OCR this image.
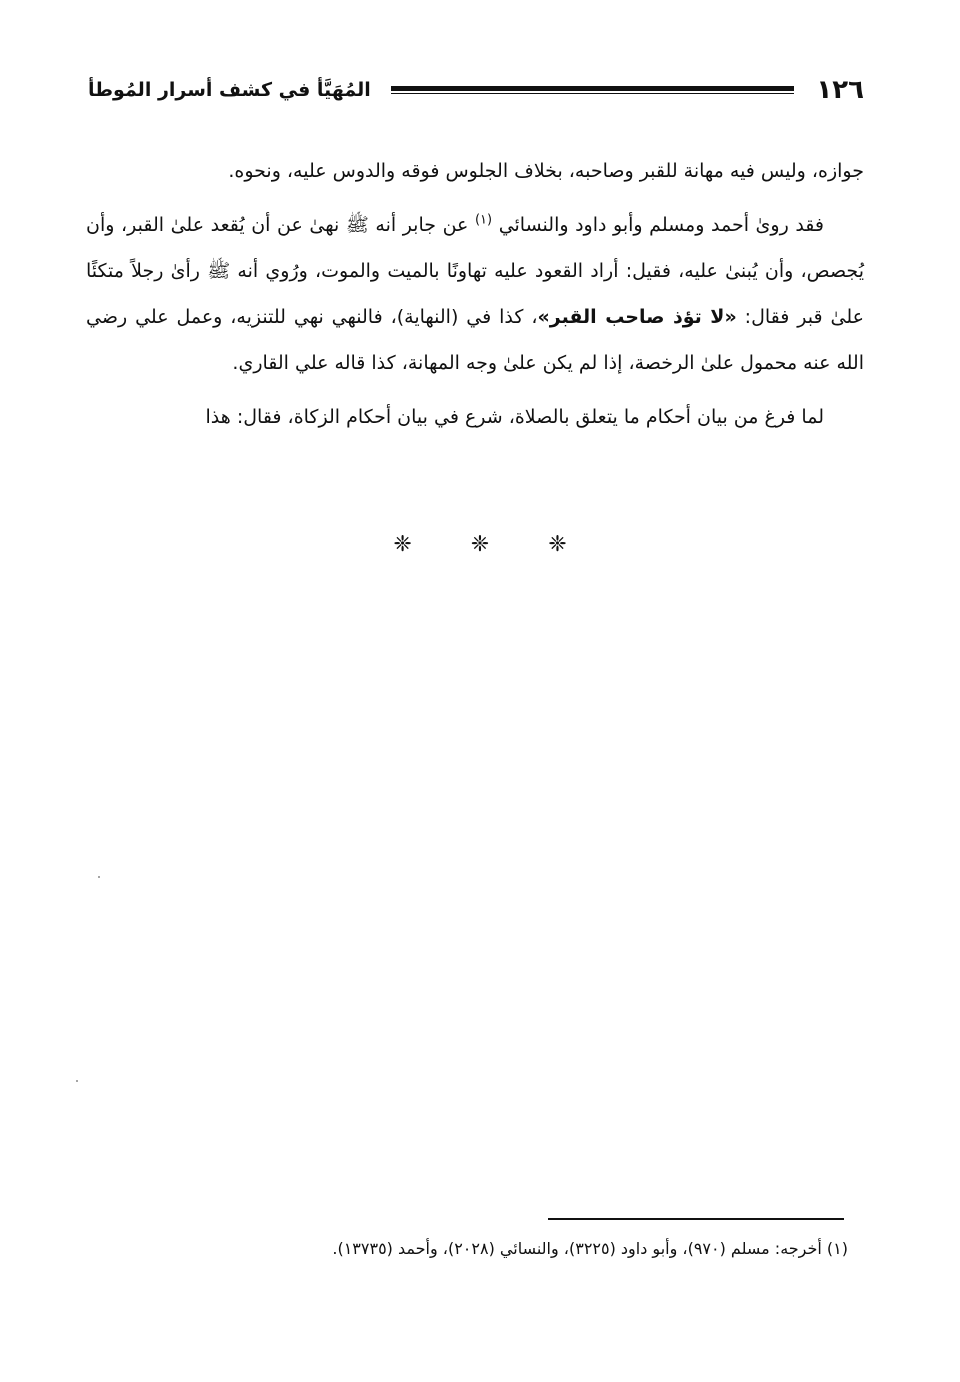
١٢٦
المُهَيَّأ في كشف أسرار المُوطأ

جوازه، وليس فيه مهانة للقبر وصاحبه، بخلاف الجلوس فوقه والدوس عليه، ونحوه.

فقد روىٰ أحمد ومسلم وأبو داود والنسائي $^{(١)}$ عن جابر أنه ﷺ نهىٰ عن أن يُقعد علىٰ القبر، وأن يُجصص، وأن يُبنىٰ عليه، فقيل: أراد القعود عليه تهاونًا بالميت والموت، ورُوي أنه ﷺ رأىٰ رجلاً متكئًا علىٰ قبر فقال: «لا تؤذ صاحب القبر»، كذا في (النهاية)، فالنهي نهي للتنزيه، وعمل علي رضي الله عنه محمول علىٰ الرخصة، إذا لم يكن علىٰ وجه المهانة، كذا قاله علي القاري.

لما فرغ من بيان أحكام ما يتعلق بالصلاة، شرع في بيان أحكام الزكاة، فقال: هذا

❈ ❈ ❈
(١) أخرجه: مسلم (٩٧٠)، وأبو داود (٣٢٢٥)، والنسائي (٢٠٢٨)، وأحمد (١٣٧٣٥).
